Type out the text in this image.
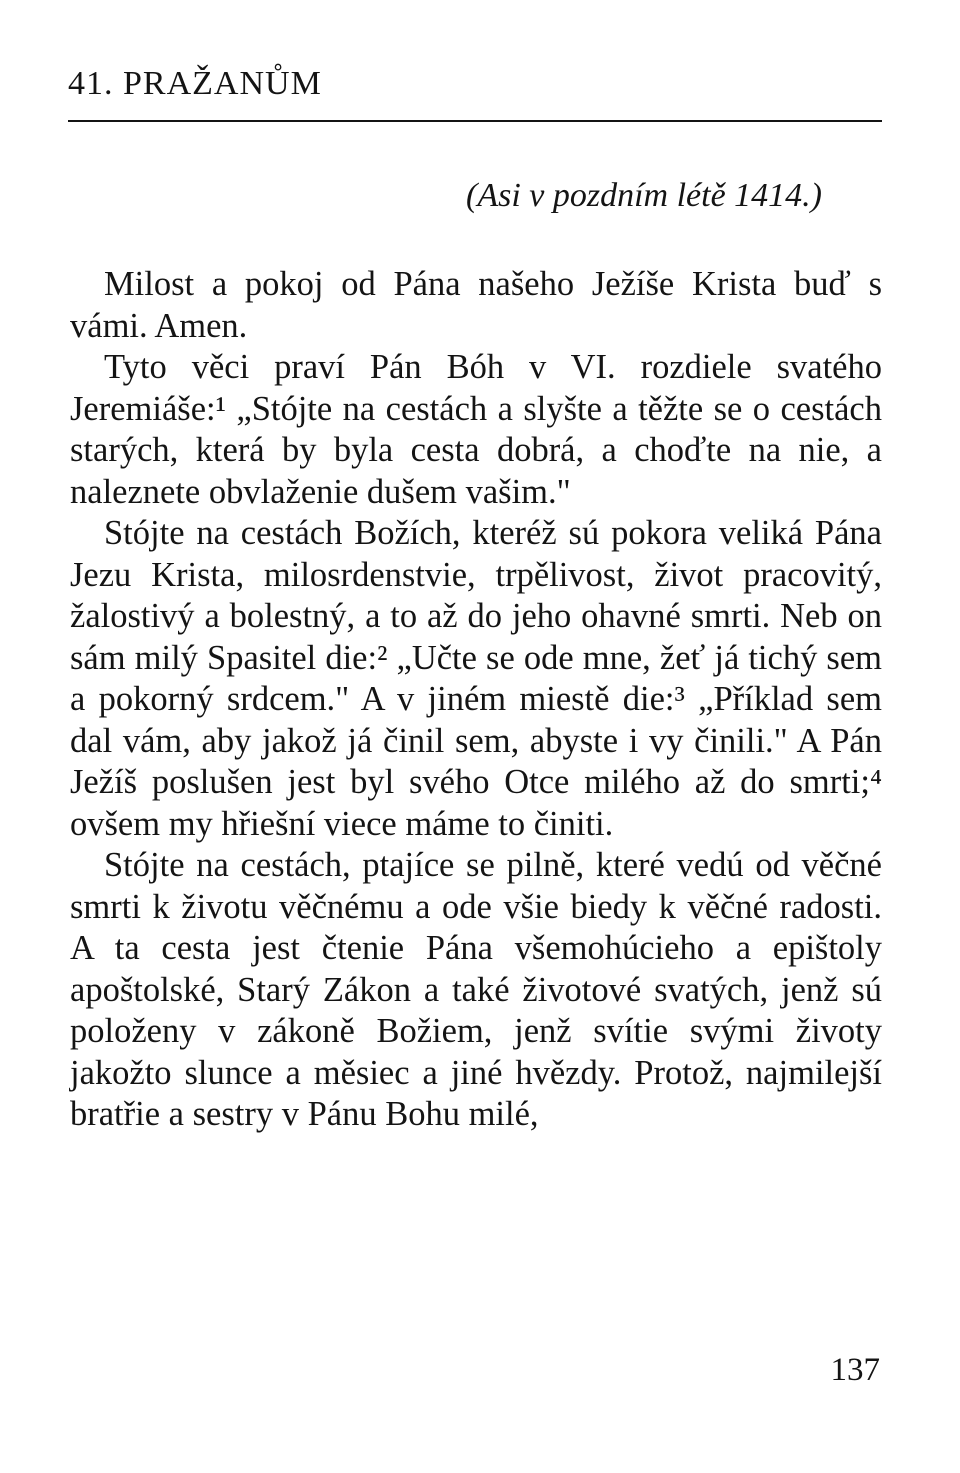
41. PRAŽANŮM
(Asi v pozdním létě 1414.)

Milost a pokoj od Pána našeho Ježíše Krista buď s vámi. Amen.

Tyto věci praví Pán Bóh v VI. rozdiele svatého Jeremiáše:¹ „Stójte na cestách a slyšte a těžte se o cestách starých, která by byla cesta dobrá, a choďte na nie, a naleznete obvlaženie dušem vašim."

Stójte na cestách Božích, kteréž sú pokora veliká Pána Jezu Krista, milosrdenstvie, trpělivost, život pracovitý, žalostivý a bolestný, a to až do jeho ohavné smrti. Neb on sám milý Spasitel die:² „Učte se ode mne, žeť já tichý sem a pokorný srdcem." A v jiném miestě die:³ „Příklad sem dal vám, aby jakož já činil sem, abyste i vy činili." A Pán Ježíš poslušen jest byl svého Otce milého až do smrti;⁴ ovšem my hřiešní viece máme to činiti.

Stójte na cestách, ptajíce se pilně, které vedú od věčné smrti k životu věčnému a ode všie biedy k věčné radosti. A ta cesta jest čtenie Pána všemohúcieho a epištoly apoštolské, Starý Zákon a také životové svatých, jenž sú položeny v zákoně Božiem, jenž svítie svými životy jakožto slunce a měsiec a jiné hvězdy. Protož, najmilejší bratřie a sestry v Pánu Bohu milé,

137
